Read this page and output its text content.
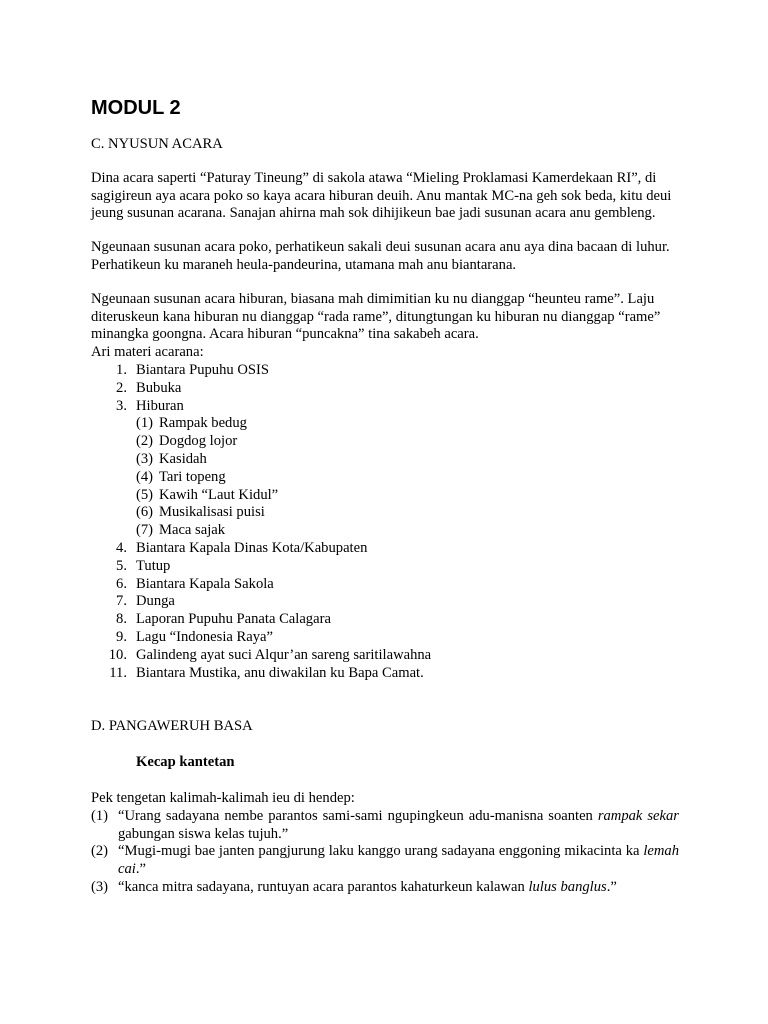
MODUL 2

C. NYUSUN ACARA

Dina acara saperti “Paturay Tineung” di sakola atawa “Mieling Proklamasi Kamerdekaan RI”, di sagigireun aya acara poko so kaya acara hiburan deuih. Anu mantak MC-na geh sok beda, kitu deui jeung susunan acarana. Sanajan ahirna mah sok dihijikeun bae jadi susunan acara anu gembleng.

Ngeunaan susunan acara poko, perhatikeun sakali deui susunan acara anu aya dina bacaan di luhur. Perhatikeun ku maraneh heula-pandeurina, utamana mah anu biantarana.

Ngeunaan susunan acara hiburan, biasana mah dimimitian ku nu dianggap “heunteu rame”. Laju diteruskeun kana hiburan nu dianggap “rada rame”, ditungtungan ku hiburan nu dianggap “rame” minangka goongna. Acara hiburan “puncakna” tina sakabeh acara.

Ari materi acarana:

1. Biantara Pupuhu OSIS
2. Bubuka
3. Hiburan
(1) Rampak bedug
(2) Dogdog lojor
(3) Kasidah
(4) Tari topeng
(5) Kawih “Laut Kidul”
(6) Musikalisasi puisi
(7) Maca sajak
4. Biantara Kapala Dinas Kota/Kabupaten
5. Tutup
6. Biantara Kapala Sakola
7. Dunga
8. Laporan Pupuhu Panata Calagara
9. Lagu “Indonesia Raya”
10. Galindeng ayat suci Alqur’an sareng saritilawahna
11. Biantara Mustika, anu diwakilan ku Bapa Camat.

D. PANGAWERUH BASA

Kecap kantetan

Pek tengetan kalimah-kalimah ieu di hendep:

(1) “Urang sadayana nembe parantos sami-sami ngupingkeun adu-manisna soanten rampak sekar gabungan siswa kelas tujuh.”
(2) “Mugi-mugi bae janten pangjurung laku kanggo urang sadayana enggoning mikacinta ka lemah cai.”
(3) “kanca mitra sadayana, runtuyan acara parantos kahaturkeun kalawan lulus banglus.”
